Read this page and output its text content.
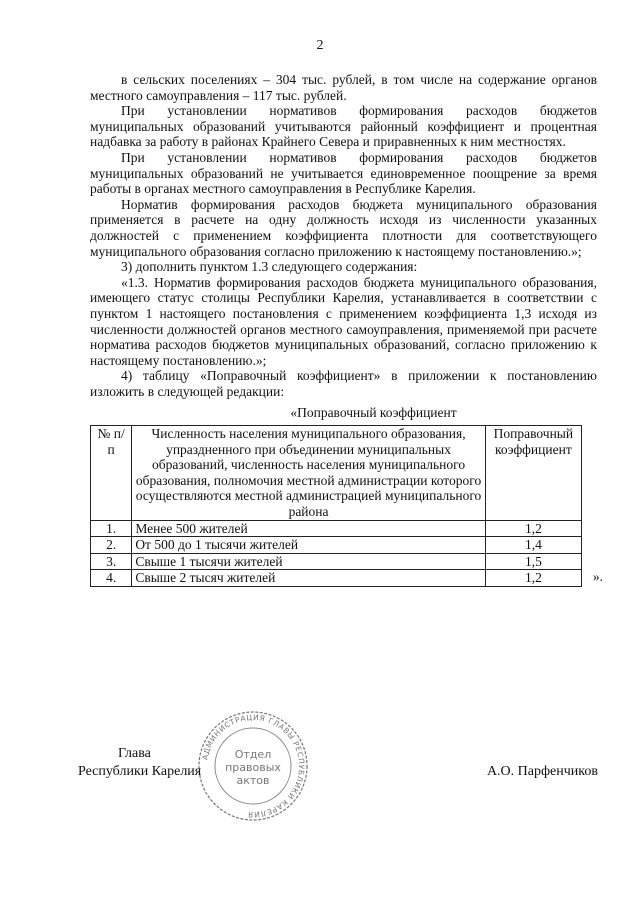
2

в сельских поселениях – 304 тыс. рублей, в том числе на содержание органов местного самоуправления – 117 тыс. рублей.

При установлении нормативов формирования расходов бюджетов муниципальных образований учитываются районный коэффициент и процентная надбавка за работу в районах Крайнего Севера и приравненных к ним местностях.

При установлении нормативов формирования расходов бюджетов муниципальных образований не учитывается единовременное поощрение за время работы в органах местного самоуправления в Республике Карелия.

Норматив формирования расходов бюджета муниципального образования применяется в расчете на одну должность исходя из численности указанных должностей с применением коэффициента плотности для соответствующего муниципального образования согласно приложению к настоящему постановлению.»;

3) дополнить пунктом 1.3 следующего содержания:

«1.3. Норматив формирования расходов бюджета муниципального образования, имеющего статус столицы Республики Карелия, устанавливается в соответствии с пунктом 1 настоящего постановления с применением коэффициента 1,3 исходя из численности должностей органов местного самоуправления, применяемой при расчете норматива расходов бюджетов муниципальных образований, согласно приложению к настоящему постановлению.»;

4) таблицу «Поправочный коэффициент» в приложении к постановлению изложить в следующей редакции:

«Поправочный коэффициент
№ п/п	Численность населения муниципального образования, упраздненного при объединении муниципальных образований, численность населения муниципального образования, полномочия местной администрации которого осуществляются местной администрацией муниципального района	Поправочный коэффициент
1.	Менее 500 жителей	1,2
2.	От 500 до 1 тысячи жителей	1,4
3.	Свыше 1 тысячи жителей	1,5
4.	Свыше 2 тысяч жителей	1,2	».
АДМИНИСТРАЦИЯ ГЛАВЫ РЕСПУБЛИКИ КАРЕЛИЯ
Отдел
правовых
актов
Глава
Республики Карелия	А.О. Парфенчиков
